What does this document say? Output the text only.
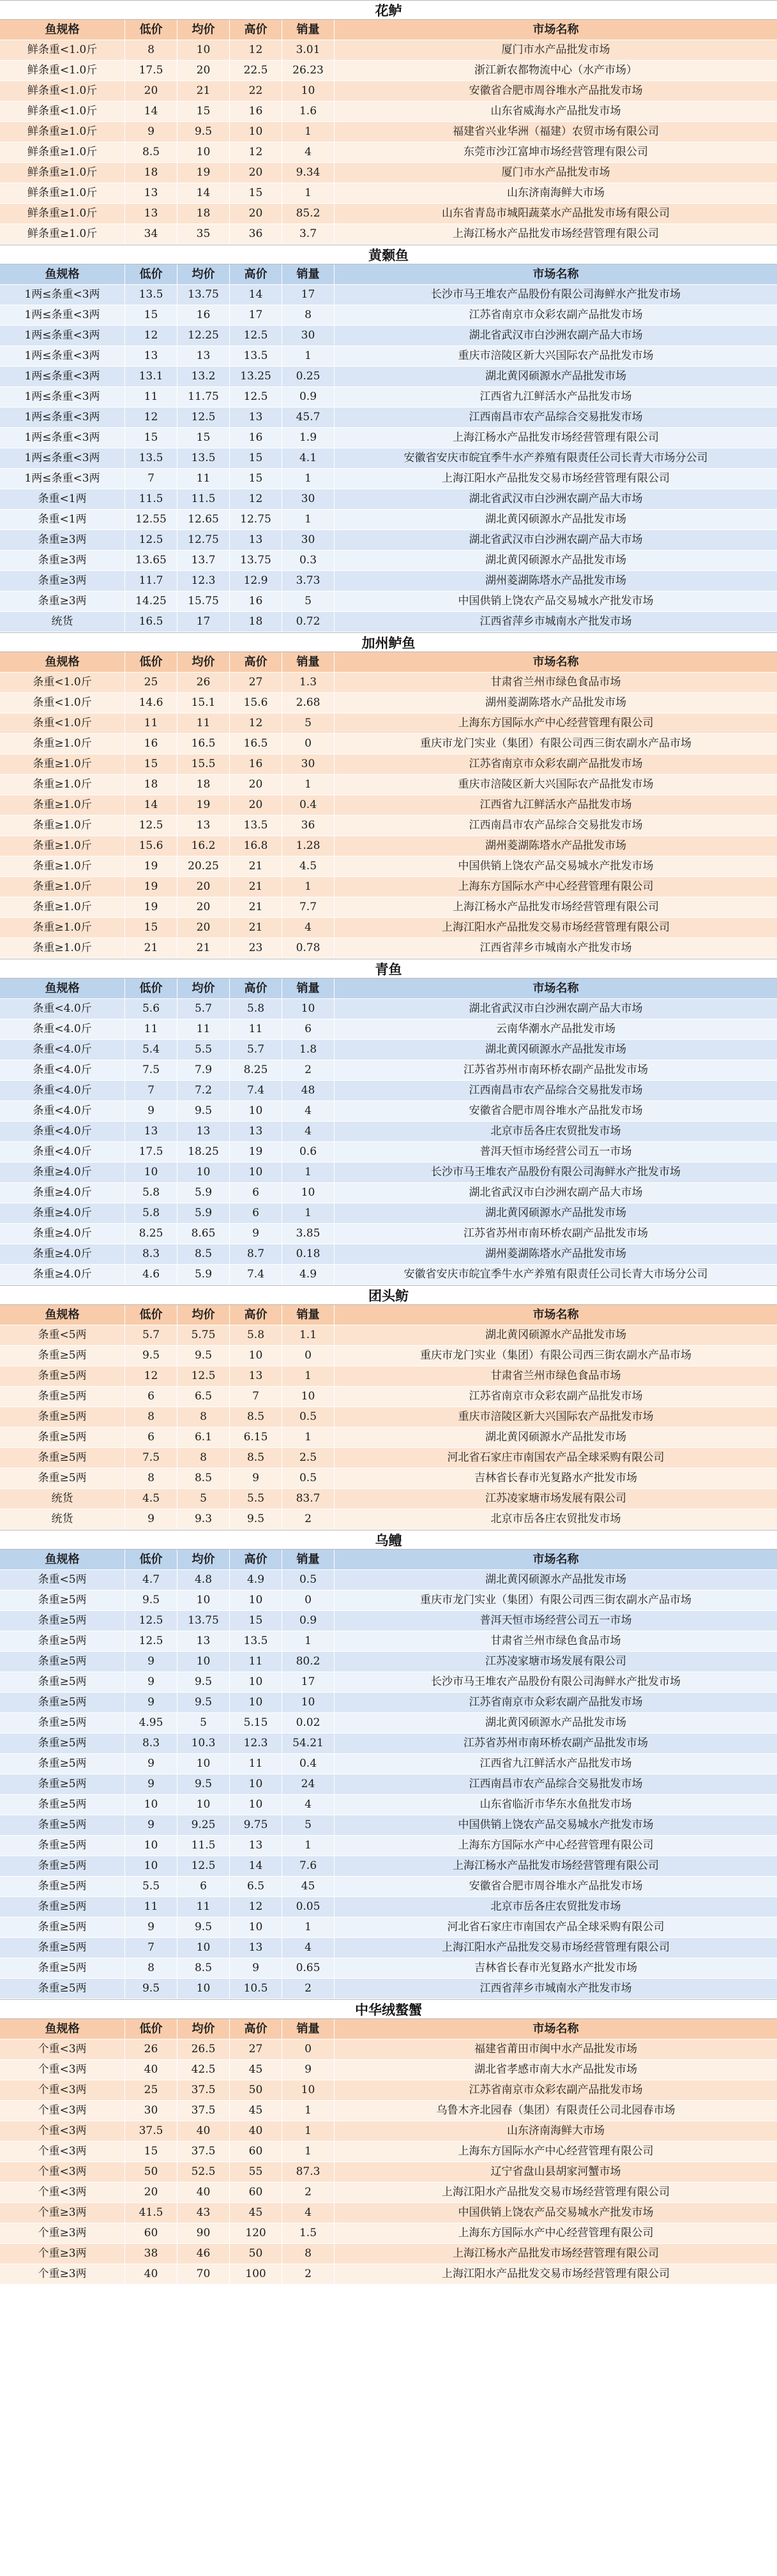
花鲈
鱼规格	低价	均价	高价	销量	市场名称
鲜条重<1.0斤	8	10	12	3.01	厦门市水产品批发市场
鲜条重<1.0斤	17.5	20	22.5	26.23	浙江新农都物流中心（水产市场）
鲜条重<1.0斤	20	21	22	10	安徽省合肥市周谷堆水产品批发市场
鲜条重<1.0斤	14	15	16	1.6	山东省威海水产品批发市场
鲜条重≥1.0斤	9	9.5	10	1	福建省兴业华洲（福建）农贸市场有限公司
鲜条重≥1.0斤	8.5	10	12	4	东莞市沙江富坤市场经营管理有限公司
鲜条重≥1.0斤	18	19	20	9.34	厦门市水产品批发市场
鲜条重≥1.0斤	13	14	15	1	山东济南海鲜大市场
鲜条重≥1.0斤	13	18	20	85.2	山东省青岛市城阳蔬菜水产品批发市场有限公司
鲜条重≥1.0斤	34	35	36	3.7	上海江杨水产品批发市场经营管理有限公司
黄颡鱼
鱼规格	低价	均价	高价	销量	市场名称
1两≤条重<3两	13.5	13.75	14	17	长沙市马王堆农产品股份有限公司海鲜水产批发市场
1两≤条重<3两	15	16	17	8	江苏省南京市众彩农副产品批发市场
1两≤条重<3两	12	12.25	12.5	30	湖北省武汉市白沙洲农副产品大市场
1两≤条重<3两	13	13	13.5	1	重庆市涪陵区新大兴国际农产品批发市场
1两≤条重<3两	13.1	13.2	13.25	0.25	湖北黄冈硕源水产品批发市场
1两≤条重<3两	11	11.75	12.5	0.9	江西省九江鲜活水产品批发市场
1两≤条重<3两	12	12.5	13	45.7	江西南昌市农产品综合交易批发市场
1两≤条重<3两	15	15	16	1.9	上海江杨水产品批发市场经营管理有限公司
1两≤条重<3两	13.5	13.5	15	4.1	安徽省安庆市皖宜季牛水产养殖有限责任公司长青大市场分公司
1两≤条重<3两	7	11	15	1	上海江阳水产品批发交易市场经营管理有限公司
条重<1两	11.5	11.5	12	30	湖北省武汉市白沙洲农副产品大市场
条重<1两	12.55	12.65	12.75	1	湖北黄冈硕源水产品批发市场
条重≥3两	12.5	12.75	13	30	湖北省武汉市白沙洲农副产品大市场
条重≥3两	13.65	13.7	13.75	0.3	湖北黄冈硕源水产品批发市场
条重≥3两	11.7	12.3	12.9	3.73	湖州菱湖陈塔水产品批发市场
条重≥3两	14.25	15.75	16	5	中国供销上饶农产品交易城水产批发市场
统货	16.5	17	18	0.72	江西省萍乡市城南水产批发市场
加州鲈鱼
鱼规格	低价	均价	高价	销量	市场名称
条重<1.0斤	25	26	27	1.3	甘肃省兰州市绿色食品市场
条重<1.0斤	14.6	15.1	15.6	2.68	湖州菱湖陈塔水产品批发市场
条重<1.0斤	11	11	12	5	上海东方国际水产中心经营管理有限公司
条重≥1.0斤	16	16.5	16.5	0	重庆市龙门实业（集团）有限公司西三街农副水产品市场
条重≥1.0斤	15	15.5	16	30	江苏省南京市众彩农副产品批发市场
条重≥1.0斤	18	18	20	1	重庆市涪陵区新大兴国际农产品批发市场
条重≥1.0斤	14	19	20	0.4	江西省九江鲜活水产品批发市场
条重≥1.0斤	12.5	13	13.5	36	江西南昌市农产品综合交易批发市场
条重≥1.0斤	15.6	16.2	16.8	1.28	湖州菱湖陈塔水产品批发市场
条重≥1.0斤	19	20.25	21	4.5	中国供销上饶农产品交易城水产批发市场
条重≥1.0斤	19	20	21	1	上海东方国际水产中心经营管理有限公司
条重≥1.0斤	19	20	21	7.7	上海江杨水产品批发市场经营管理有限公司
条重≥1.0斤	15	20	21	4	上海江阳水产品批发交易市场经营管理有限公司
条重≥1.0斤	21	21	23	0.78	江西省萍乡市城南水产批发市场
青鱼
鱼规格	低价	均价	高价	销量	市场名称
条重<4.0斤	5.6	5.7	5.8	10	湖北省武汉市白沙洲农副产品大市场
条重<4.0斤	11	11	11	6	云南华潮水产品批发市场
条重<4.0斤	5.4	5.5	5.7	1.8	湖北黄冈硕源水产品批发市场
条重<4.0斤	7.5	7.9	8.25	2	江苏省苏州市南环桥农副产品批发市场
条重<4.0斤	7	7.2	7.4	48	江西南昌市农产品综合交易批发市场
条重<4.0斤	9	9.5	10	4	安徽省合肥市周谷堆水产品批发市场
条重<4.0斤	13	13	13	4	北京市岳各庄农贸批发市场
条重<4.0斤	17.5	18.25	19	0.6	普洱天恒市场经营公司五一市场
条重≥4.0斤	10	10	10	1	长沙市马王堆农产品股份有限公司海鲜水产批发市场
条重≥4.0斤	5.8	5.9	6	10	湖北省武汉市白沙洲农副产品大市场
条重≥4.0斤	5.8	5.9	6	1	湖北黄冈硕源水产品批发市场
条重≥4.0斤	8.25	8.65	9	3.85	江苏省苏州市南环桥农副产品批发市场
条重≥4.0斤	8.3	8.5	8.7	0.18	湖州菱湖陈塔水产品批发市场
条重≥4.0斤	4.6	5.9	7.4	4.9	安徽省安庆市皖宜季牛水产养殖有限责任公司长青大市场分公司
团头鲂
鱼规格	低价	均价	高价	销量	市场名称
条重<5两	5.7	5.75	5.8	1.1	湖北黄冈硕源水产品批发市场
条重≥5两	9.5	9.5	10	0	重庆市龙门实业（集团）有限公司西三街农副水产品市场
条重≥5两	12	12.5	13	1	甘肃省兰州市绿色食品市场
条重≥5两	6	6.5	7	10	江苏省南京市众彩农副产品批发市场
条重≥5两	8	8	8.5	0.5	重庆市涪陵区新大兴国际农产品批发市场
条重≥5两	6	6.1	6.15	1	湖北黄冈硕源水产品批发市场
条重≥5两	7.5	8	8.5	2.5	河北省石家庄市南国农产品全球采购有限公司
条重≥5两	8	8.5	9	0.5	吉林省长春市光复路水产批发市场
统货	4.5	5	5.5	83.7	江苏凌家塘市场发展有限公司
统货	9	9.3	9.5	2	北京市岳各庄农贸批发市场
乌鳢
鱼规格	低价	均价	高价	销量	市场名称
条重<5两	4.7	4.8	4.9	0.5	湖北黄冈硕源水产品批发市场
条重≥5两	9.5	10	10	0	重庆市龙门实业（集团）有限公司西三街农副水产品市场
条重≥5两	12.5	13.75	15	0.9	普洱天恒市场经营公司五一市场
条重≥5两	12.5	13	13.5	1	甘肃省兰州市绿色食品市场
条重≥5两	9	10	11	80.2	江苏凌家塘市场发展有限公司
条重≥5两	9	9.5	10	17	长沙市马王堆农产品股份有限公司海鲜水产批发市场
条重≥5两	9	9.5	10	10	江苏省南京市众彩农副产品批发市场
条重≥5两	4.95	5	5.15	0.02	湖北黄冈硕源水产品批发市场
条重≥5两	8.3	10.3	12.3	54.21	江苏省苏州市南环桥农副产品批发市场
条重≥5两	9	10	11	0.4	江西省九江鲜活水产品批发市场
条重≥5两	9	9.5	10	24	江西南昌市农产品综合交易批发市场
条重≥5两	10	10	10	4	山东省临沂市华东水鱼批发市场
条重≥5两	9	9.25	9.75	5	中国供销上饶农产品交易城水产批发市场
条重≥5两	10	11.5	13	1	上海东方国际水产中心经营管理有限公司
条重≥5两	10	12.5	14	7.6	上海江杨水产品批发市场经营管理有限公司
条重≥5两	5.5	6	6.5	45	安徽省合肥市周谷堆水产品批发市场
条重≥5两	11	11	12	0.05	北京市岳各庄农贸批发市场
条重≥5两	9	9.5	10	1	河北省石家庄市南国农产品全球采购有限公司
条重≥5两	7	10	13	4	上海江阳水产品批发交易市场经营管理有限公司
条重≥5两	8	8.5	9	0.65	吉林省长春市光复路水产批发市场
条重≥5两	9.5	10	10.5	2	江西省萍乡市城南水产批发市场
中华绒螯蟹
鱼规格	低价	均价	高价	销量	市场名称
个重<3两	26	26.5	27	0	福建省莆田市闽中水产品批发市场
个重<3两	40	42.5	45	9	湖北省孝感市南大水产品批发市场
个重<3两	25	37.5	50	10	江苏省南京市众彩农副产品批发市场
个重<3两	30	37.5	45	1	乌鲁木齐北园春（集团）有限责任公司北园春市场
个重<3两	37.5	40	40	1	山东济南海鲜大市场
个重<3两	15	37.5	60	1	上海东方国际水产中心经营管理有限公司
个重<3两	50	52.5	55	87.3	辽宁省盘山县胡家河蟹市场
个重<3两	20	40	60	2	上海江阳水产品批发交易市场经营管理有限公司
个重≥3两	41.5	43	45	4	中国供销上饶农产品交易城水产批发市场
个重≥3两	60	90	120	1.5	上海东方国际水产中心经营管理有限公司
个重≥3两	38	46	50	8	上海江杨水产品批发市场经营管理有限公司
个重≥3两	40	70	100	2	上海江阳水产品批发交易市场经营管理有限公司
